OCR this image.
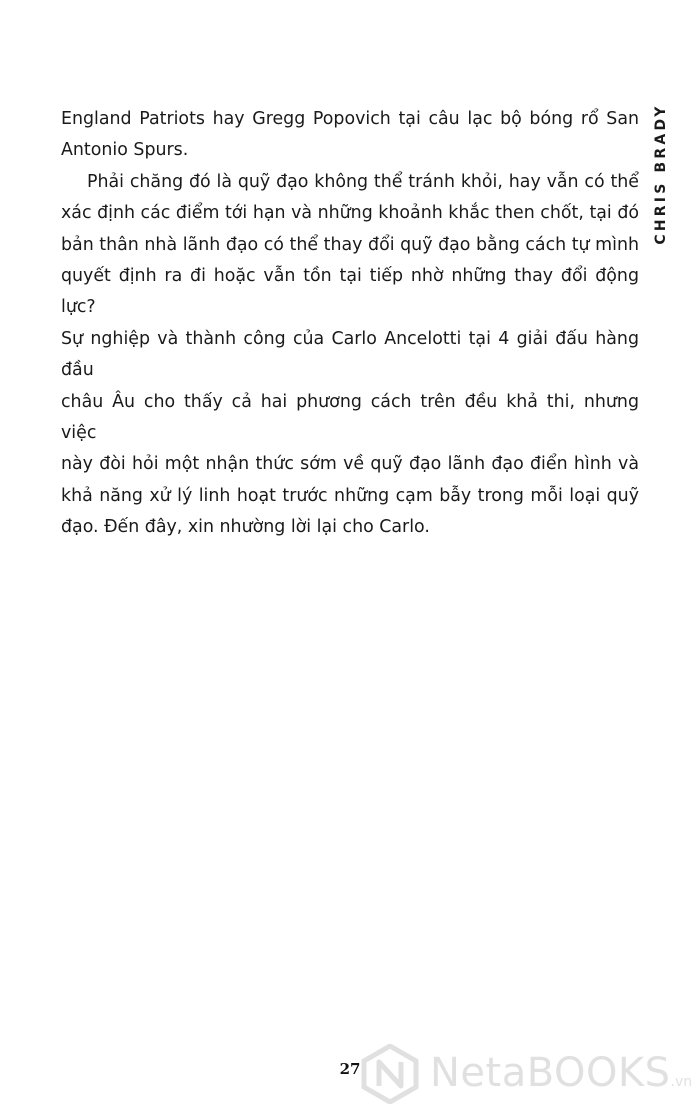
CHRIS BRADY
England Patriots hay Gregg Popovich tại câu lạc bộ bóng rổ San
Antonio Spurs.
Phải chăng đó là quỹ đạo không thể tránh khỏi, hay vẫn có thể
xác định các điểm tới hạn và những khoảnh khắc then chốt, tại đó
bản thân nhà lãnh đạo có thể thay đổi quỹ đạo bằng cách tự mình
quyết định ra đi hoặc vẫn tồn tại tiếp nhờ những thay đổi động lực?
Sự nghiệp và thành công của Carlo Ancelotti tại 4 giải đấu hàng đầu
châu Âu cho thấy cả hai phương cách trên đều khả thi, nhưng việc
này đòi hỏi một nhận thức sớm về quỹ đạo lãnh đạo điển hình và
khả năng xử lý linh hoạt trước những cạm bẫy trong mỗi loại quỹ
đạo. Đến đây, xin nhường lời lại cho Carlo.
27	NetaBOOKS.vn
